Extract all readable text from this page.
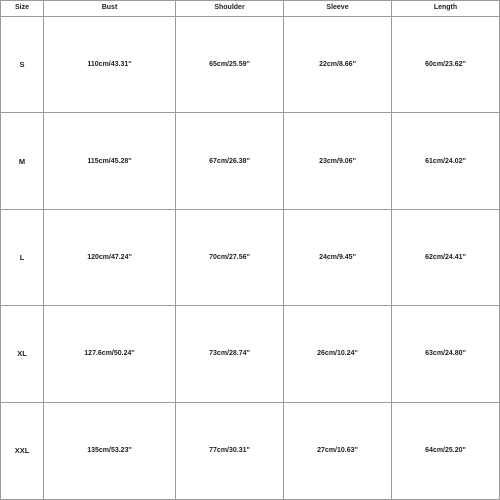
Size	Bust	Shoulder	Sleeve	Length
S	110cm/43.31''	65cm/25.59''	22cm/8.66''	60cm/23.62''
M	115cm/45.28''	67cm/26.38''	23cm/9.06''	61cm/24.02''
L	120cm/47.24''	70cm/27.56''	24cm/9.45''	62cm/24.41''
XL	127.6cm/50.24''	73cm/28.74''	26cm/10.24''	63cm/24.80''
XXL	135cm/53.23''	77cm/30.31''	27cm/10.63''	64cm/25.20''
